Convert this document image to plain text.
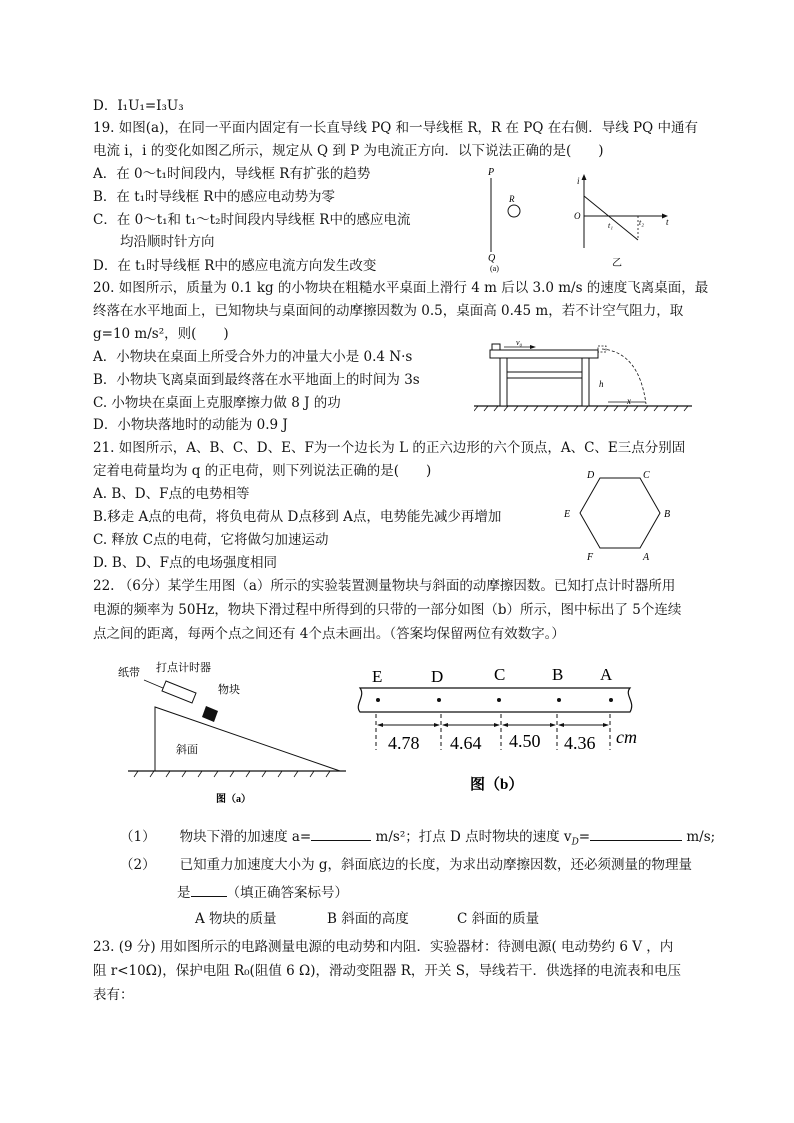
D．I₁U₁=I₃U₃
19. 如图(a)，在同一平面内固定有一长直导线 PQ 和一导线框 R，R 在 PQ 在右侧．导线 PQ 中通有
电流 i，i 的变化如图乙所示，规定从 Q 到 P 为电流正方向．以下说法正确的是(　　)
A．在 0～t₁时间段内，导线框 R有扩张的趋势
B．在 t₁时导线框 R中的感应电动势为零
C．在 0～t₁和 t₁～t₂时间段内导线框 R中的感应电流
　　均沿顺时针方向
D．在 t₁时导线框 R中的感应电流方向发生改变
P
Q
R
(a)
i
O
t
t₁	t₂
乙
20. 如图所示，质量为 0.1 kg 的小物块在粗糙水平桌面上滑行 4 m 后以 3.0 m/s 的速度飞离桌面，最
终落在水平地面上，已知物块与桌面间的动摩擦因数为 0.5，桌面高 0.45 m，若不计空气阻力，取
g=10 m/s²，则(　　)
A．小物块在桌面上所受合外力的冲量大小是 0.4 N·s
B．小物块飞离桌面到最终落在水平地面上的时间为 3s
C. 小物块在桌面上克服摩擦力做 8 J 的功
D．小物块落地时的动能为 0.9 J
v₀
h
x
21. 如图所示，A、B、C、D、E、F为一个边长为 L 的正六边形的六个顶点，A、C、E三点分别固
定着电荷量均为 q 的正电荷，则下列说法正确的是(　　)
A. B、D、F点的电势相等
B.移走 A点的电荷，将负电荷从 D点移到 A点，电势能先减少再增加
C. 释放 C点的电荷，它将做匀加速运动
D. B、D、F点的电场强度相同
D	C
B
E
A
F
22. （6分）某学生用图（a）所示的实验装置测量物块与斜面的动摩擦因数。已知打点计时器所用
电源的频率为 50Hz，物块下滑过程中所得到的只带的一部分如图（b）所示，图中标出了 5个连续
点之间的距离，每两个点之间还有 4个点未画出。（答案均保留两位有效数字。）
纸带 打点计时器
物块
斜面
图（a）
E	D	C	B A
4.78 4.64 4.50 4.36 cm
图（b）
（1） 物块下滑的加速度 a=	m/s²；打点 D 点时物块的速度 $v_D=$	m/s;
（2） 已知重力加速度大小为 g，斜面底边的长度，为求出动摩擦因数，还必须测量的物理量
是	（填正确答案标号）
A 物块的质量	B 斜面的高度	C 斜面的质量
23. (9 分) 用如图所示的电路测量电源的电动势和内阻．实验器材：待测电源( 电动势约 6 V ，内
阻 r<10Ω)，保护电阻 R₀(阻值 6 Ω)，滑动变阻器 R，开关 S，导线若干．供选择的电流表和电压
表有：
